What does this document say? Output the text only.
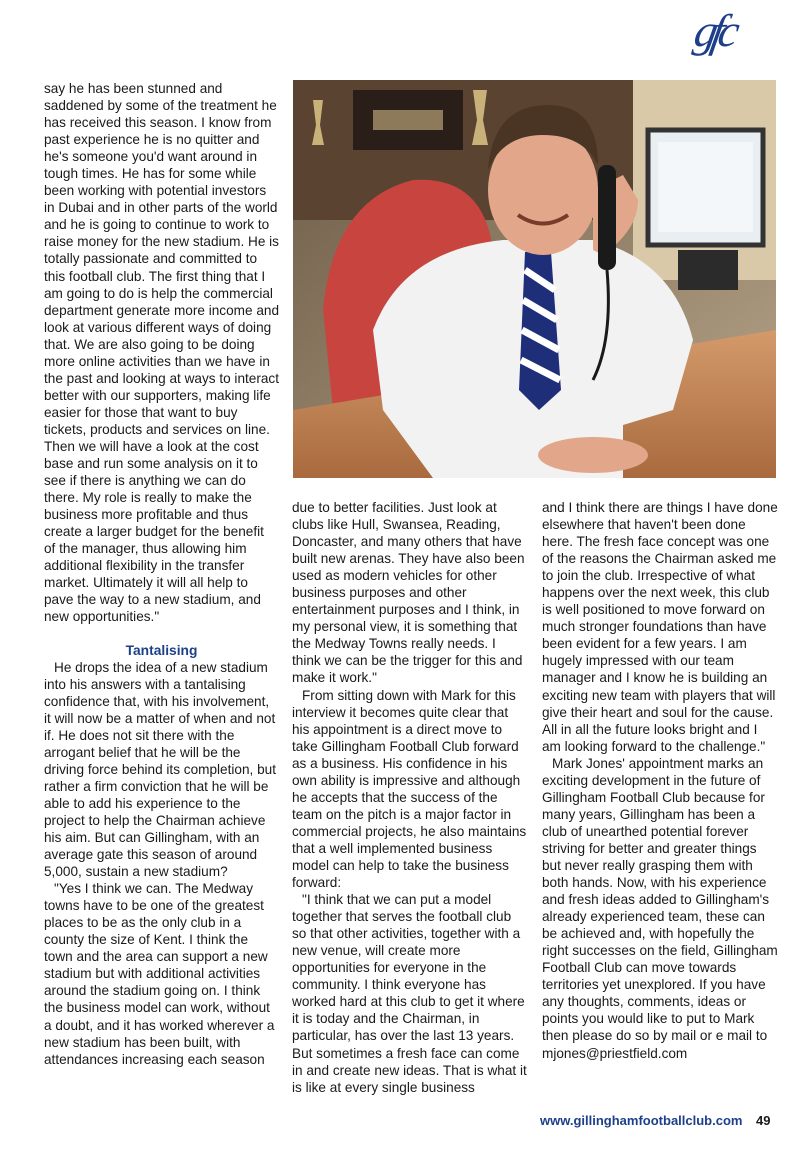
gfc

say he has been stunned and saddened by some of the treatment he has received this season. I know from past experience he is no quitter and he's someone you'd want around in tough times. He has for some while been working with potential investors in Dubai and in other parts of the world and he is going to continue to work to raise money for the new stadium. He is totally passionate and committed to this football club. The first thing that I am going to do is help the commercial department generate more income and look at various different ways of doing that. We are also going to be doing more online activities than we have in the past and looking at ways to interact better with our supporters, making life easier for those that want to buy tickets, products and services on line. Then we will have a look at the cost base and run some analysis on it to see if there is anything we can do there. My role is really to make the business more profitable and thus create a larger budget for the benefit of the manager, thus allowing him additional flexibility in the transfer market. Ultimately it will all help to pave the way to a new stadium, and new opportunities."

Tantalising

He drops the idea of a new stadium into his answers with a tantalising confidence that, with his involvement, it will now be a matter of when and not if. He does not sit there with the arrogant belief that he will be the driving force behind its completion, but rather a firm conviction that he will be able to add his experience to the project to help the Chairman achieve his aim. But can Gillingham, with an average gate this season of around 5,000, sustain a new stadium?

"Yes I think we can. The Medway towns have to be one of the greatest places to be as the only club in a county the size of Kent. I think the town and the area can support a new stadium but with additional activities around the stadium going on. I think the business model can work, without a doubt, and it has worked wherever a new stadium has been built, with attendances increasing each season

due to better facilities. Just look at clubs like Hull, Swansea, Reading, Doncaster, and many others that have built new arenas. They have also been used as modern vehicles for other business purposes and other entertainment purposes and I think, in my personal view, it is something that the Medway Towns really needs. I think we can be the trigger for this and make it work."

From sitting down with Mark for this interview it becomes quite clear that his appointment is a direct move to take Gillingham Football Club forward as a business. His confidence in his own ability is impressive and although he accepts that the success of the team on the pitch is a major factor in commercial projects, he also maintains that a well implemented business model can help to take the business forward:

"I think that we can put a model together that serves the football club so that other activities, together with a new venue, will create more opportunities for everyone in the community. I think everyone has worked hard at this club to get it where it is today and the Chairman, in particular, has over the last 13 years. But sometimes a fresh face can come in and create new ideas. That is what it is like at every single business

and I think there are things I have done elsewhere that haven't been done here. The fresh face concept was one of the reasons the Chairman asked me to join the club. Irrespective of what happens over the next week, this club is well positioned to move forward on much stronger foundations than have been evident for a few years. I am hugely impressed with our team manager and I know he is building an exciting new team with players that will give their heart and soul for the cause. All in all the future looks bright and I am looking forward to the challenge."

Mark Jones' appointment marks an exciting development in the future of Gillingham Football Club because for many years, Gillingham has been a club of unearthed potential forever striving for better and greater things but never really grasping them with both hands. Now, with his experience and fresh ideas added to Gillingham's already experienced team, these can be achieved and, with hopefully the right successes on the field, Gillingham Football Club can move towards territories yet unexplored. If you have any thoughts, comments, ideas or points you would like to put to Mark then please do so by mail or e mail to mjones@priestfield.com

www.gillinghamfootballclub.com 49
